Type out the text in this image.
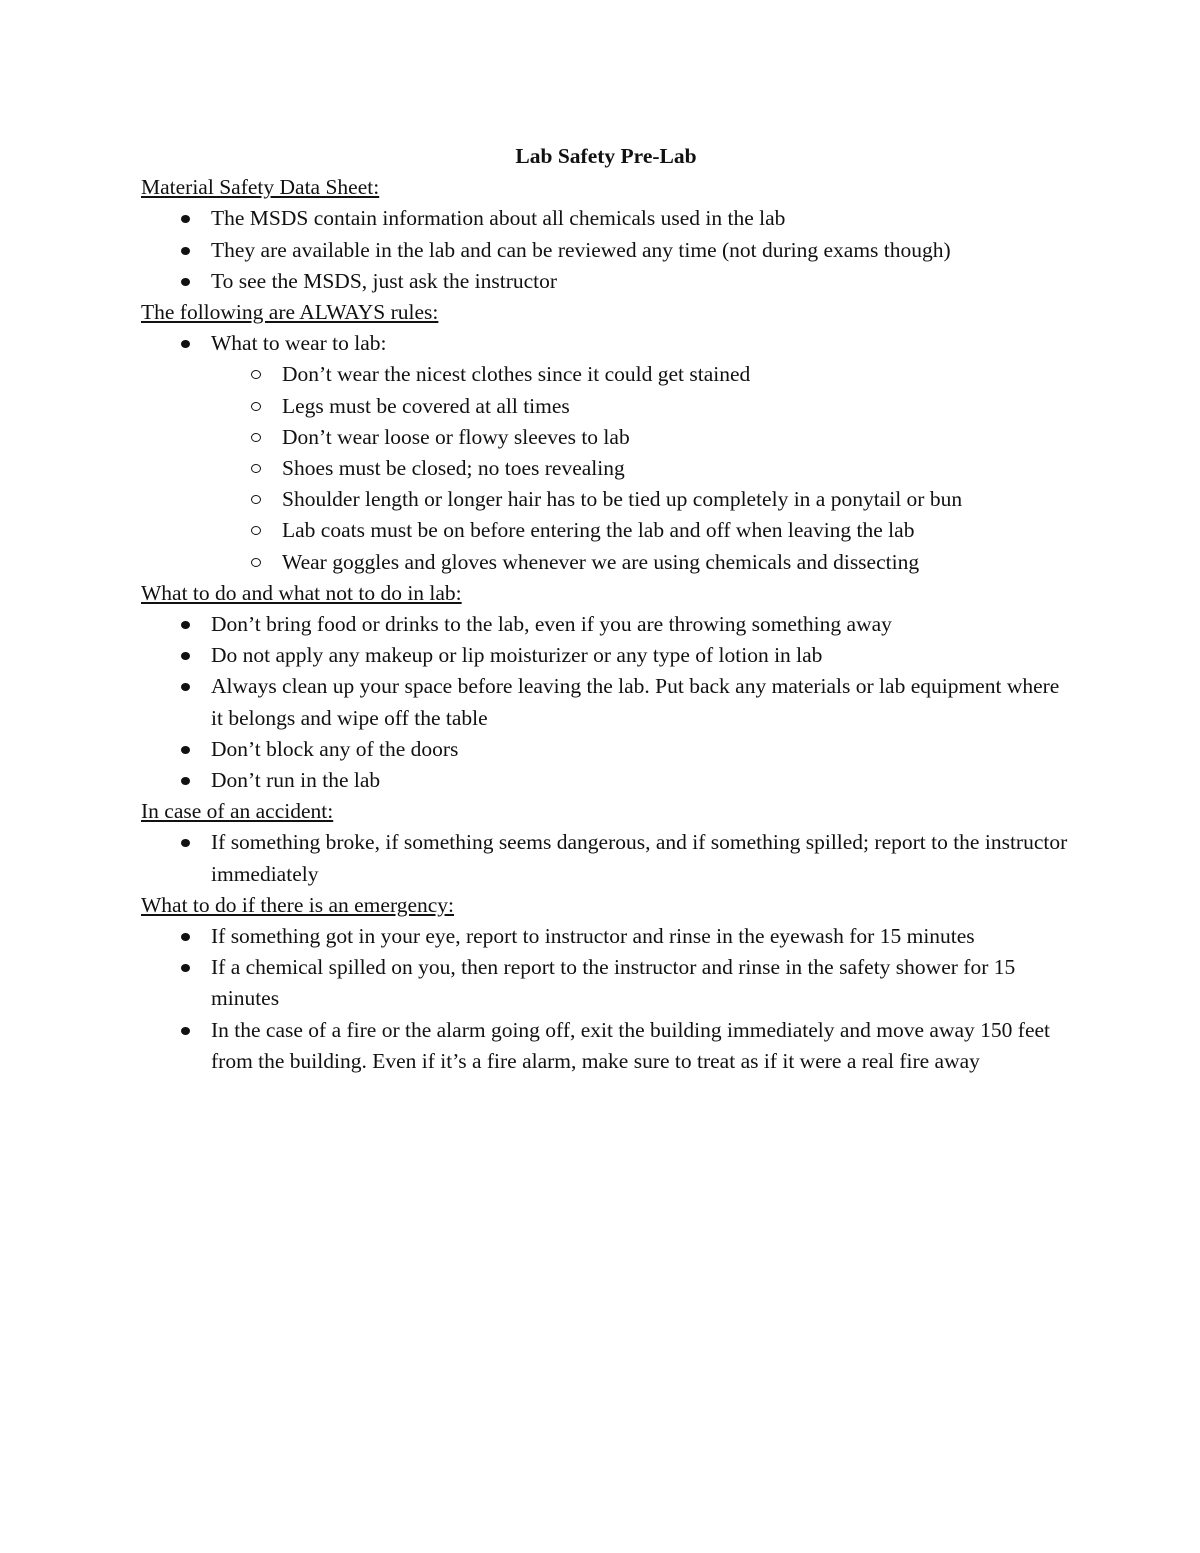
Lab Safety Pre-Lab

Material Safety Data Sheet:

The MSDS contain information about all chemicals used in the lab
They are available in the lab and can be reviewed any time (not during exams though)
To see the MSDS, just ask the instructor

The following are ALWAYS rules:

What to wear to lab:
Don’t wear the nicest clothes since it could get stained
Legs must be covered at all times
Don’t wear loose or flowy sleeves to lab
Shoes must be closed; no toes revealing
Shoulder length or longer hair has to be tied up completely in a ponytail or bun
Lab coats must be on before entering the lab and off when leaving the lab
Wear goggles and gloves whenever we are using chemicals and dissecting

What to do and what not to do in lab:

Don’t bring food or drinks to the lab, even if you are throwing something away
Do not apply any makeup or lip moisturizer or any type of lotion in lab
Always clean up your space before leaving the lab. Put back any materials or lab equipment where it belongs and wipe off the table
Don’t block any of the doors
Don’t run in the lab

In case of an accident:

If something broke, if something seems dangerous, and if something spilled; report to the instructor immediately

What to do if there is an emergency:

If something got in your eye, report to instructor and rinse in the eyewash for 15 minutes
If a chemical spilled on you, then report to the instructor and rinse in the safety shower for 15 minutes
In the case of a fire or the alarm going off, exit the building immediately and move away 150 feet from the building. Even if it’s a fire alarm, make sure to treat as if it were a real fire away
